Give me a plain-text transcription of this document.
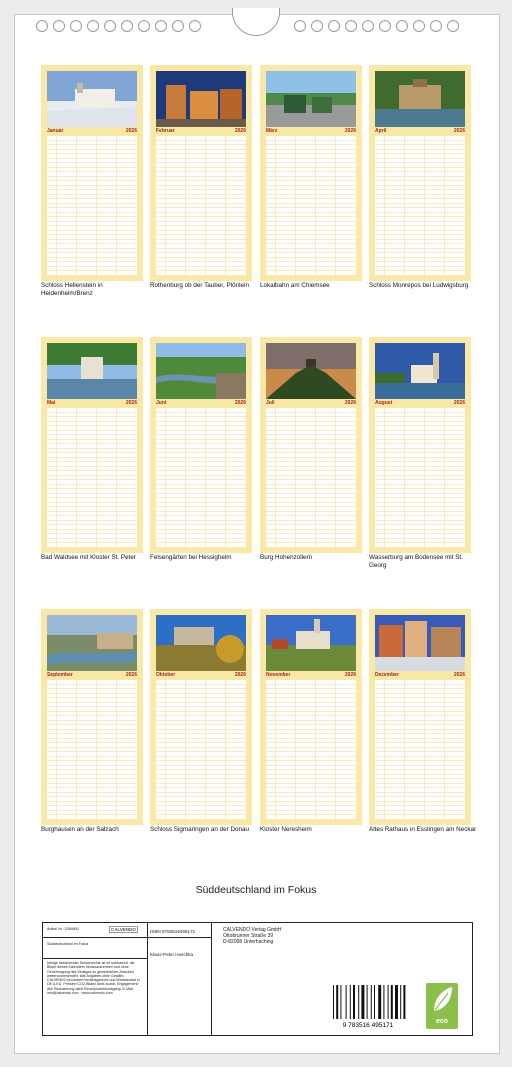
Januar	2026
Schloss Hellenstein in Heidenheim/Brenz
Februar	2026
Rothenburg ob der Tauber, Plönlein
März	2026
Lokalbahn am Chiemsee
April	2026
Schloss Monrepos bei Ludwigsburg
Mai	2026
Bad Waldsee mit Kloster St. Peter
Juni	2026
Felsengärten bei Hessigheim
Juli	2026
Burg Hohenzollern
August	2026
Wasserburg am Bodensee mit St. Georg
September	2026
Burghausen an der Salzach
Oktober	2026
Schloss Sigmaringen an der Donau
November	2026
Kloster Neresheim
Dezember	2026
Altes Rathaus in Esslingen am Neckar
Süddeutschland im Fokus
Artikel Nr.: 2084800	CALVENDO
Süddeutschland im Fokus
Infolge bestehender Schutzrechte ist es unfassend, die Bilder dieses Kalenders herauszutrennen und ohne Genehmigung des Verlages zu gewerblichen Zwecken weiterzuverwenden. Alle Angaben ohne Gewähr. CALVENDO produziert bedarfsgerecht und klimaneutral in DE & EU. Preisfrei CO2-Bilanz dank sozial- Engagement/ Alle Reduzierung dank Einzelproduktionsgang. E-Mail: info@calvendo.com · www.calvendo.com
ISBN 9783516495171
Klaus-Peter Huschka
CALVENDO Verlag GmbH
Ottobrunner Straße 39
D-82008 Unterhaching
9 783516 495171
eco
